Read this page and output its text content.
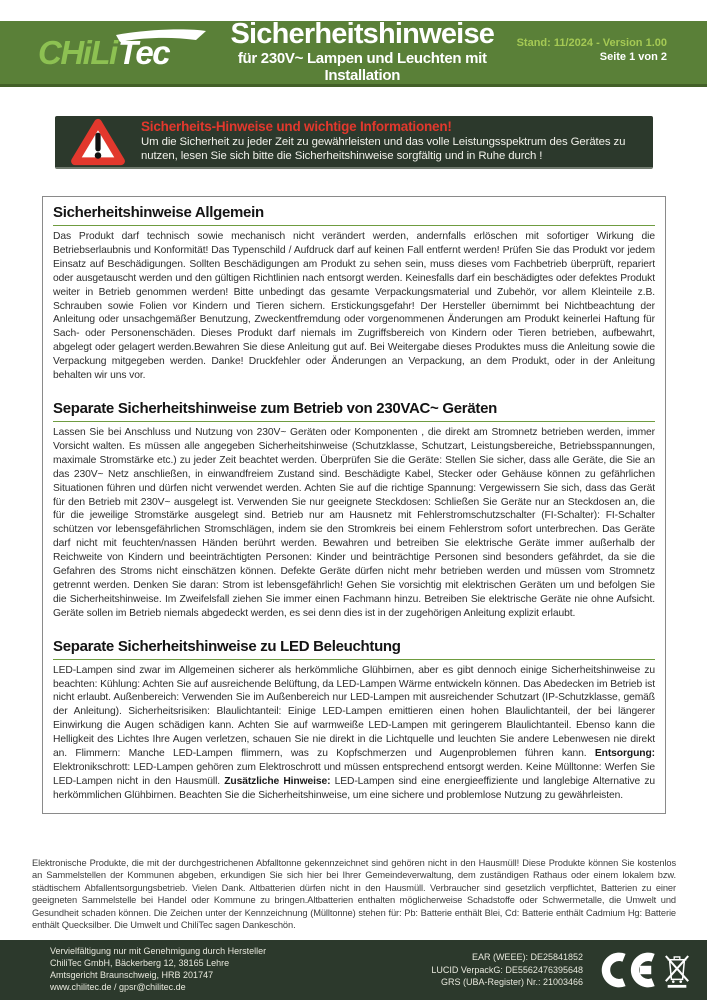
CHiLi Tec	Sicherheitshinweise
für 230V~ Lampen und Leuchten mit Installation
Stand: 11/2024 - Version 1.00
Seite 1 von 2
Sicherheits-Hinweise und wichtige Informationen!
Um die Sicherheit zu jeder Zeit zu gewährleisten und das volle Leistungsspektrum des Gerätes zu nutzen, lesen Sie sich bitte die Sicherheitshinweise sorgfältig und in Ruhe durch !
Sicherheitshinweise Allgemein
Das Produkt darf technisch sowie mechanisch nicht verändert werden, andernfalls erlöschen mit sofortiger Wirkung die Betriebserlaubnis und Konformität! Das Typenschild / Aufdruck darf auf keinen Fall entfernt werden! Prüfen Sie das Produkt vor jedem Einsatz auf Beschädigungen. Sollten Beschädigungen am Produkt zu sehen sein, muss dieses vom Fachbetrieb überprüft, repariert oder ausgetauscht werden und den gültigen Richtlinien nach entsorgt werden. Keinesfalls darf ein beschädigtes oder defektes Produkt weiter in Betrieb genommen werden! Bitte unbedingt das gesamte Verpackungsmaterial und Zubehör, vor allem Kleinteile z.B. Schrauben sowie Folien vor Kindern und Tieren sichern. Erstickungsgefahr! Der Hersteller übernimmt bei Nichtbeachtung der Anleitung oder unsachgemäßer Benutzung, Zweckentfremdung oder vorgenommenen Änderungen am Produkt keinerlei Haftung für Sach- oder Personenschäden. Dieses Produkt darf niemals im Zugriffsbereich von Kindern oder Tieren betrieben, aufbewahrt, abgelegt oder gelagert werden.Bewahren Sie diese Anleitung gut auf. Bei Weitergabe dieses Produktes muss die Anleitung sowie die Verpackung mitgegeben werden. Danke! Druckfehler oder Änderungen an Verpackung, an dem Produkt, oder in der Anleitung behalten wir uns vor.
Separate Sicherheitshinweise zum Betrieb von 230VAC~ Geräten
Lassen Sie bei Anschluss und Nutzung von 230V~ Geräten oder Komponenten , die direkt am Stromnetz betrieben werden, immer Vorsicht walten. Es müssen alle angegeben Sicherheitshinweise (Schutzklasse, Schutzart, Leistungsbereiche, Betriebsspannungen, maximale Stromstärke etc.) zu jeder Zeit beachtet werden. Überprüfen Sie die Geräte: Stellen Sie sicher, dass alle Geräte, die Sie an das 230V~ Netz anschließen, in einwandfreiem Zustand sind. Beschädigte Kabel, Stecker oder Gehäuse können zu gefährlichen Situationen führen und dürfen nicht verwendet werden. Achten Sie auf die richtige Spannung: Vergewissern Sie sich, dass das Gerät für den Betrieb mit 230V~ ausgelegt ist. Verwenden Sie nur geeignete Steckdosen: Schließen Sie Geräte nur an Steckdosen an, die für die jeweilige Stromstärke ausgelegt sind. Betrieb nur am Hausnetz mit Fehlerstromschutzschalter (FI-Schalter): FI-Schalter schützen vor lebensgefährlichen Stromschlägen, indem sie den Stromkreis bei einem Fehlerstrom sofort unterbrechen. Das Geräte darf nicht mit feuchten/nassen Händen berührt werden. Bewahren und betreiben Sie elektrische Geräte immer außerhalb der Reichweite von Kindern und beeinträchtigten Personen: Kinder und beinträchtige Personen sind besonders gefährdet, da sie die Gefahren des Stroms nicht einschätzen können. Defekte Geräte dürfen nicht mehr betrieben werden und müssen vom Stromnetz getrennt werden. Denken Sie daran: Strom ist lebensgefährlich! Gehen Sie vorsichtig mit elektrischen Geräten um und befolgen Sie die Sicherheitshinweise. Im Zweifelsfall ziehen Sie immer einen Fachmann hinzu. Betreiben Sie elektrische Geräte nie ohne Aufsicht. Geräte sollen im Betrieb niemals abgedeckt werden, es sei denn dies ist in der zugehörigen Anleitung explizit erlaubt.
Separate Sicherheitshinweise zu LED Beleuchtung
LED-Lampen sind zwar im Allgemeinen sicherer als herkömmliche Glühbirnen, aber es gibt dennoch einige Sicherheitshinweise zu beachten: Kühlung: Achten Sie auf ausreichende Belüftung, da LED-Lampen Wärme entwickeln können. Das Abedecken im Betrieb ist nicht erlaubt. Außenbereich: Verwenden Sie im Außenbereich nur LED-Lampen mit ausreichender Schutzart (IP-Schutzklasse, gemäß der Anleitung). Sicherheitsrisiken: Blaulichtanteil: Einige LED-Lampen emittieren einen hohen Blaulichtanteil, der bei längerer Einwirkung die Augen schädigen kann. Achten Sie auf warmweiße LED-Lampen mit geringerem Blaulichtanteil. Ebenso kann die Helligkeit des Lichtes Ihre Augen verletzen, schauen Sie nie direkt in die Lichtquelle und leuchten Sie andere Lebenwesen nie direkt an. Flimmern: Manche LED-Lampen flimmern, was zu Kopfschmerzen und Augenproblemen führen kann. Entsorgung: Elektronikschrott: LED-Lampen gehören zum Elektroschrott und müssen entsprechend entsorgt werden. Keine Mülltonne: Werfen Sie LED-Lampen nicht in den Hausmüll. Zusätzliche Hinweise: LED-Lampen sind eine energieeffiziente und langlebige Alternative zu herkömmlichen Glühbirnen. Beachten Sie die Sicherheitshinweise, um eine sichere und problemlose Nutzung zu gewährleisten.
Elektronische Produkte, die mit der durchgestrichenen Abfalltonne gekennzeichnet sind gehören nicht in den Hausmüll! Diese Produkte können Sie kostenlos an Sammelstellen der Kommunen abgeben, erkundigen Sie sich hier bei Ihrer Gemeindeverwaltung, dem zuständigen Rathaus oder einem lokalem bzw. städtischem Abfallentsorgungsbetrieb. Vielen Dank. Altbatterien dürfen nicht in den Hausmüll. Verbraucher sind gesetzlich verpflichtet, Batterien zu einer geeigneten Sammelstelle bei Handel oder Kommune zu bringen.Altbatterien enthalten möglicherweise Schadstoffe oder Schwermetalle, die Umwelt und Gesundheit schaden können. Die Zeichen unter der Kennzeichnung (Mülltonne) stehen für: Pb: Batterie enthält Blei, Cd: Batterie enthält Cadmium Hg: Batterie enthält Quecksilber. Die Umwelt und ChiliTec sagen Dankeschön.
Vervielfältigung nur mit Genehmigung durch Hersteller
ChiliTec GmbH, Bäckerberg 12, 38165 Lehre
Amtsgericht Braunschweig, HRB 201747
www.chilitec.de / gpsr@chilitec.de
EAR (WEEE): DE25841852
LUCID VerpackG: DE5562476395648
GRS (UBA-Register) Nr.: 21003466
